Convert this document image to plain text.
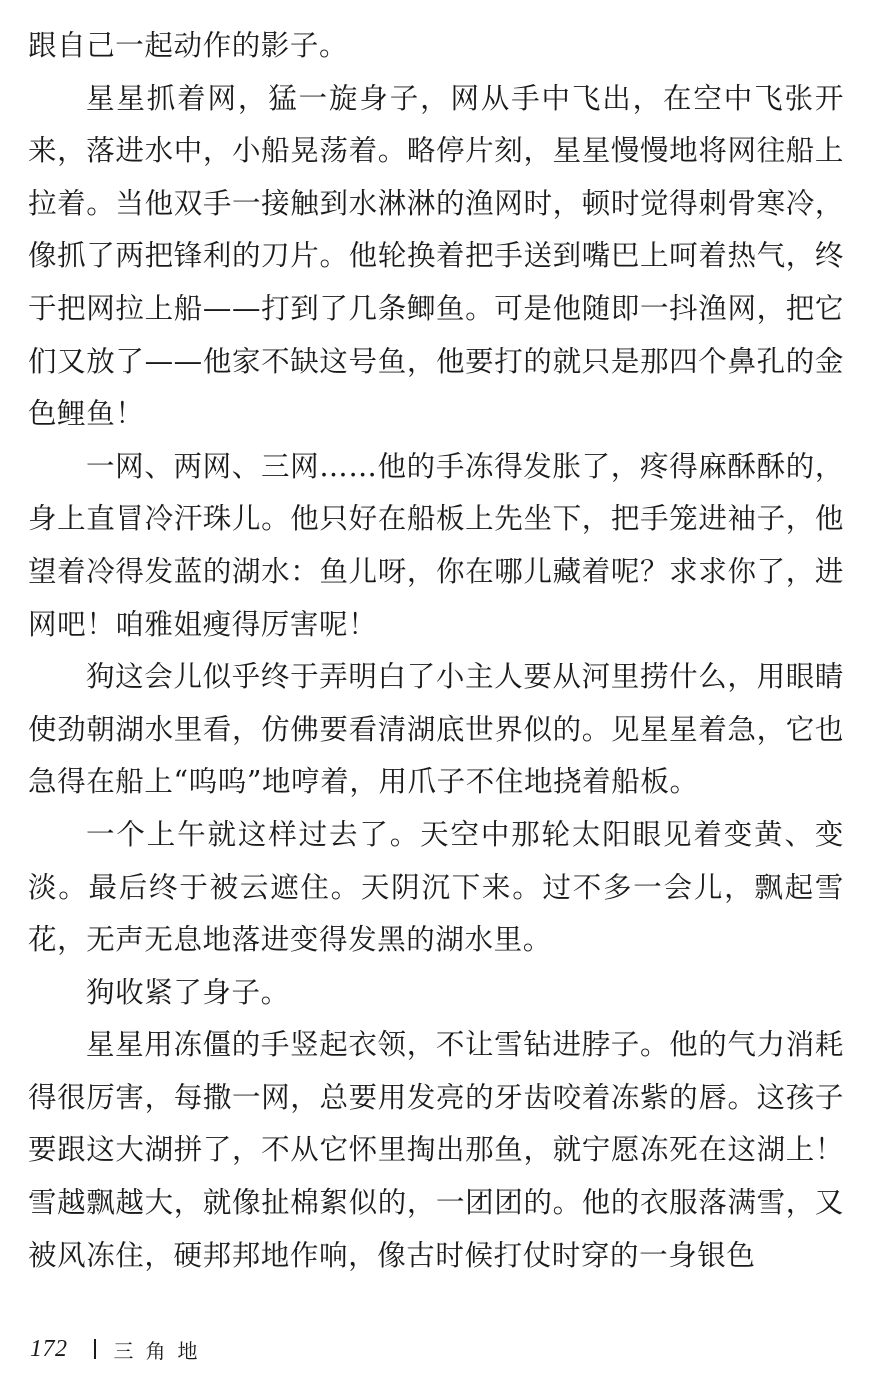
跟自己一起动作的影子。

星星抓着网，猛一旋身子，网从手中飞出，在空中飞张开来，落进水中，小船晃荡着。略停片刻，星星慢慢地将网往船上拉着。当他双手一接触到水淋淋的渔网时，顿时觉得刺骨寒冷，像抓了两把锋利的刀片。他轮换着把手送到嘴巴上呵着热气，终于把网拉上船——打到了几条鲫鱼。可是他随即一抖渔网，把它们又放了——他家不缺这号鱼，他要打的就只是那四个鼻孔的金色鲤鱼！

一网、两网、三网……他的手冻得发胀了，疼得麻酥酥的，身上直冒冷汗珠儿。他只好在船板上先坐下，把手笼进袖子，他望着冷得发蓝的湖水：鱼儿呀，你在哪儿藏着呢？求求你了，进网吧！咱雅姐瘦得厉害呢！

狗这会儿似乎终于弄明白了小主人要从河里捞什么，用眼睛使劲朝湖水里看，仿佛要看清湖底世界似的。见星星着急，它也急得在船上“呜呜”地哼着，用爪子不住地挠着船板。

一个上午就这样过去了。天空中那轮太阳眼见着变黄、变淡。最后终于被云遮住。天阴沉下来。过不多一会儿，飘起雪花，无声无息地落进变得发黑的湖水里。

狗收紧了身子。

星星用冻僵的手竖起衣领，不让雪钻进脖子。他的气力消耗得很厉害，每撒一网，总要用发亮的牙齿咬着冻紫的唇。这孩子要跟这大湖拼了，不从它怀里掏出那鱼，就宁愿冻死在这湖上！雪越飘越大，就像扯棉絮似的，一团团的。他的衣服落满雪，又被风冻住，硬邦邦地作响，像古时候打仗时穿的一身银色

172 三角地
